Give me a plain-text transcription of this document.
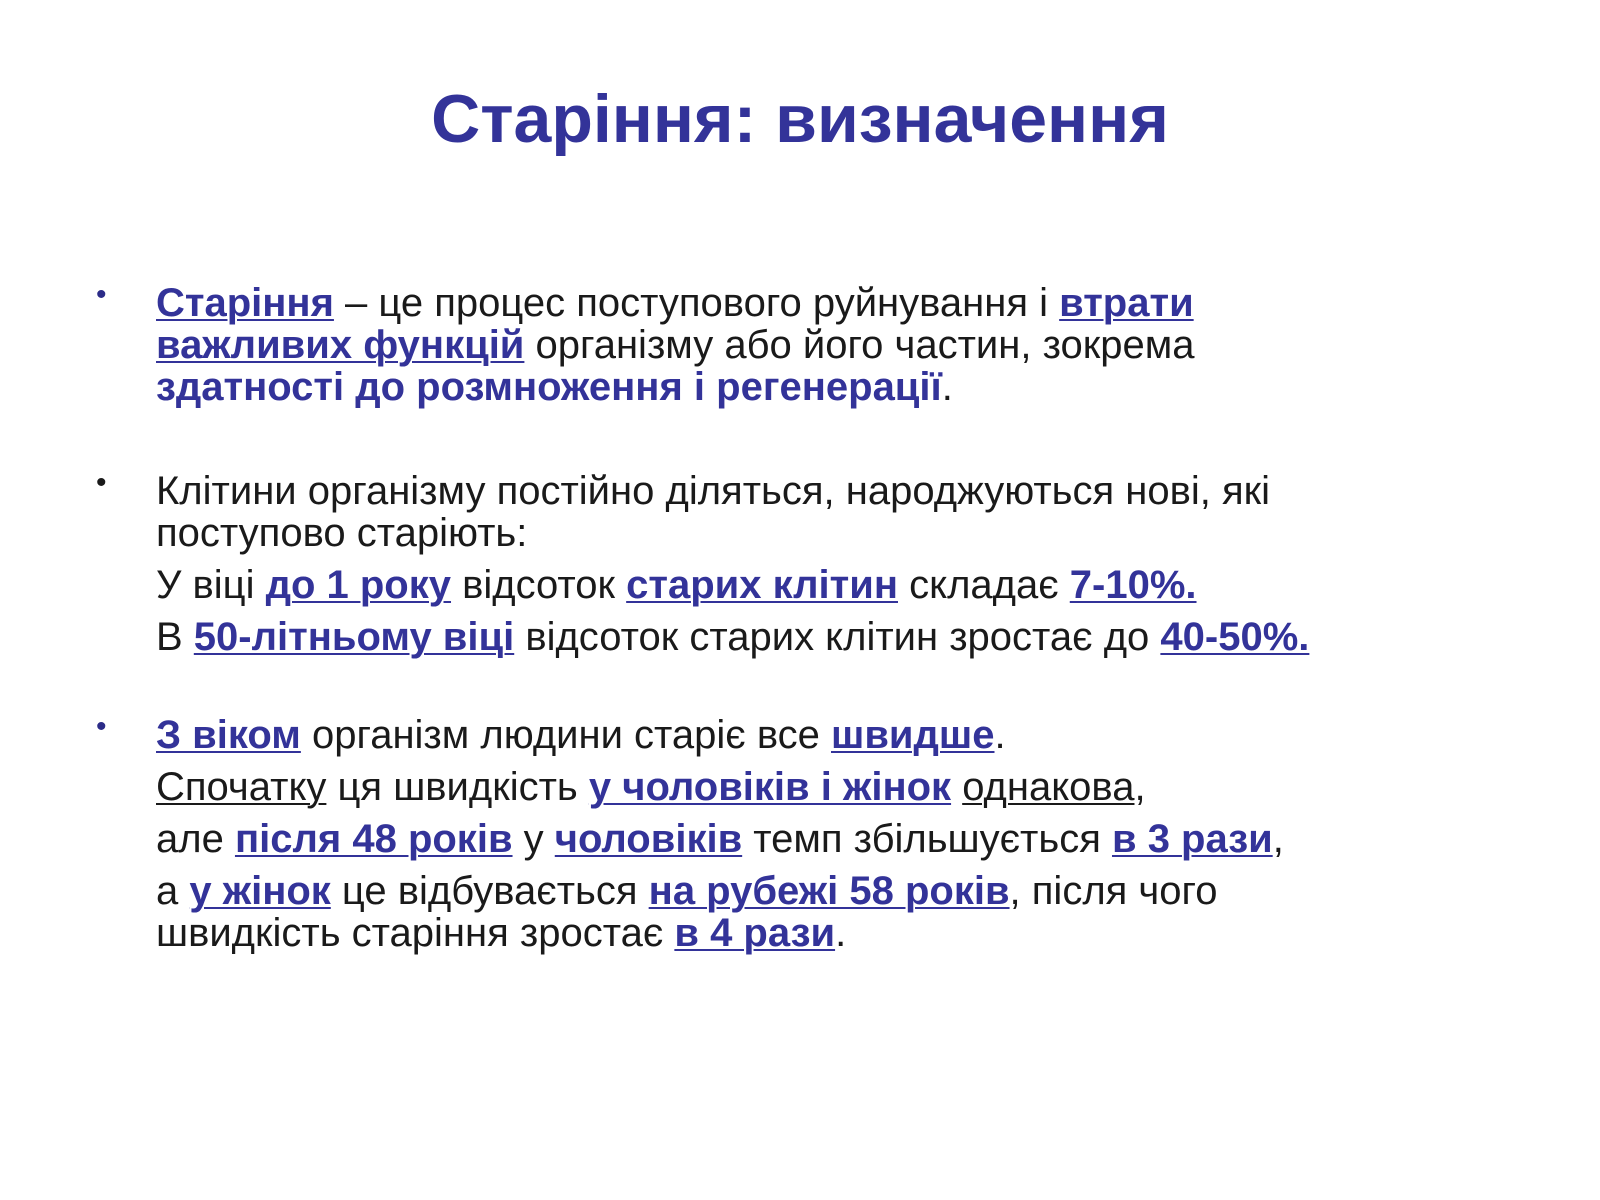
Старіння: визначення
• Старіння – це процес поступового руйнування і втрати
важливих функцій організму або його частин, зокрема
здатності до розмноження і регенерації.
• Клітини організму постійно діляться, народжуються нові, які
поступово старіють:
У віці до 1 року відсоток старих клітин складає 7-10%.
В 50-літньому віці відсоток старих клітин зростає до 40-50%.
• З віком організм людини старіє все швидше.
Спочатку ця швидкість у чоловіків і жінок однакова,
але після 48 років у чоловіків темп збільшується в 3 рази,
а у жінок це відбувається на рубежі 58 років, після чого
швидкість старіння зростає в 4 рази.
